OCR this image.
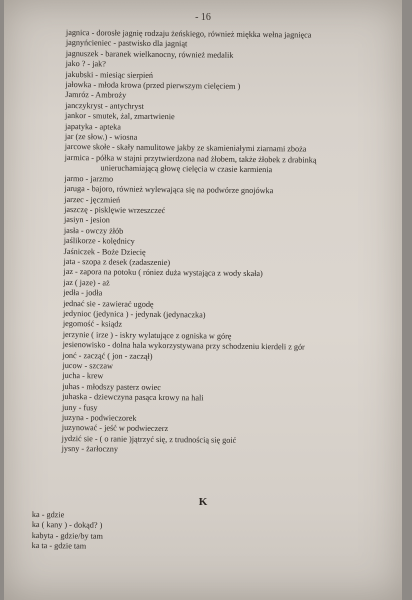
- 16
jagnica - dorosłe jagnię rodzaju żeńskiego, również miękka wełna jagnięca
jagnyńcieniec - pastwisko dla jagniąt
jagnuszek - baranek wielkanocny, również medalik
jako ? - jak?
jakubski - miesiąc sierpień
jałowka - młoda krowa (przed pierwszym cielęciem )
Jamróz - Ambroży
janczykryst - antychryst
jankor - smutek, żal, zmartwienie
japatyka - apteka
jar (ze słow.) - wiosna
jarcowe skołe - skały namulitowe jakby ze skamieniałymi ziarnami zboża
jarmica - półka w stajni przytwierdzona nad żłobem, także żłobek z drabinką
unieruchamiającą głowę cielęcia w czasie karmienia
jarmo - jarzmo
jaruga - bajoro, również wylewająca się na podwórze gnojówka
jarzec - jęczmień
jaszczę - pisklęwie wrzeszczeć
jasiyn - jesion
jasła - owczy żłób
jaślikorze - kolędnicy
Jaśniczek - Boże Dziecię
jata - szopa z desek (zadaszenie)
jaz - zapora na potoku ( róniez duża wystająca z wody skała)
jaz ( jaze) - aż
jedła - jodła
jednać sie - zawierać ugodę
jedynioc (jedynica ) - jedynak (jedynaczka)
jegomość - ksiądz
jerzynie ( irze ) - iskry wylatujące z ogniska w górę
jesienowisko - dolna hala wykorzystywana przy schodzeniu kierdeli z gór
jonć - zacząć ( jon - zaczął)
jucow - szczaw
jucha - krew
juhas - młodszy pasterz owiec
juhaska - dziewczyna pasąca krowy na hali
juny - fusy
juzyna - podwieczorek
juzynować - jeść w podwieczerz
jydzić sie - ( o ranie )jątrzyć się, z trudnością się goić
jysny - żarłoczny
K
ka - gdzie
ka ( kany ) - dokąd? )
kabyta - gdzie/by tam
ka ta - gdzie tam
